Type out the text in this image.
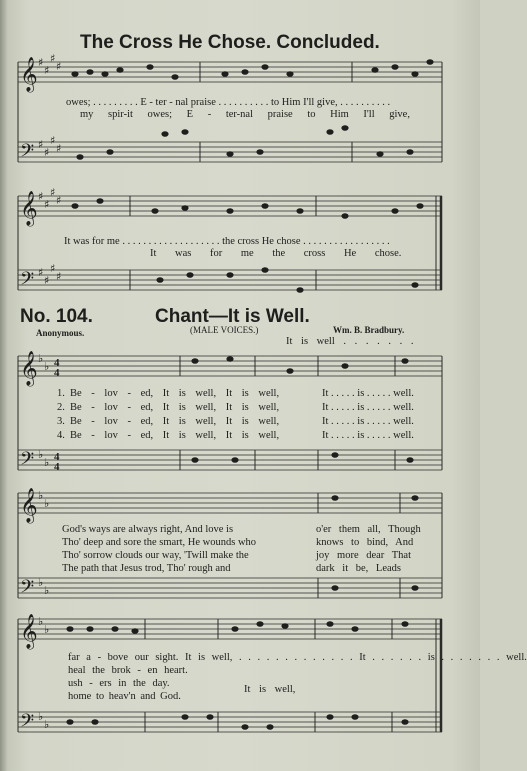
𝄞
𝄢
𝄞
𝄢
𝄞
𝄢
𝄞
𝄢
𝄞
𝄢
♯
♯
♯
♯
♯
♯
♯
♯
♯
♯
♯
♯
♯
♯
♯
♯
♭
♭
♭
♭
♭
♭
♭
♭
♭
♭
♭
♭
4
4
4
4
The Cross He Chose. Concluded.
owes; . . . . . . . . . E - ter - nal praise . . . . . . . . . . to Him I'll give, . . . . . . . . . .
my spir-it owes; E - ter-nal praise to Him I'll give,
It was for me . . . . . . . . . . . . . . . . . . . the cross He chose . . . . . . . . . . . . . . . . .
It was for me the cross He chose.
No. 104.	Chant—It is Well.
Anonymous.	(MALE VOICES.)	Wm. B. Bradbury.
It is well . . . . . . .
1. Be - lov - ed, It is well, It is well,	It . . . . . is . . . . . well.
2. Be - lov - ed, It is well, It is well,	It . . . . . is . . . . . well.
3. Be - lov - ed, It is well, It is well,	It . . . . . is . . . . . well.
4. Be - lov - ed, It is well, It is well,	It . . . . . is . . . . . well.
God's ways are always right, And love is	o'er them all, Though
Tho' deep and sore the smart, He wounds who	knows to bind, And
Tho' sorrow clouds our way, 'Twill make the	joy more dear That
The path that Jesus trod, Tho' rough and	dark it be, Leads
far a - bove our sight. It is well, . . . . . . . . . . . . . It . . . . . . is . . . . . . . well.
heal the brok - en heart.
ush - ers in the day.
home to heav'n and God.
It is well,
